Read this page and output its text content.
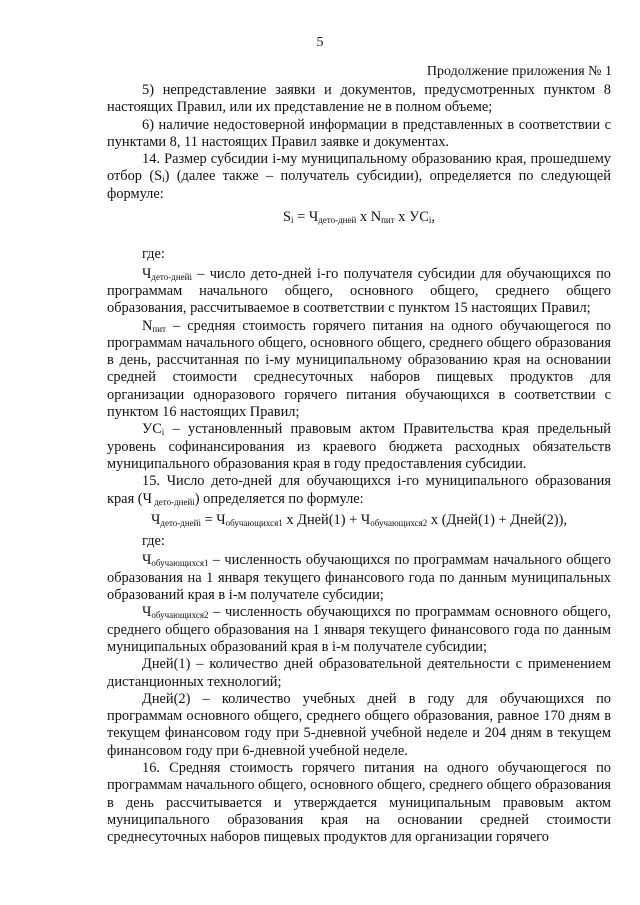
5
Продолжение приложения № 1

5) непредставление заявки и документов, предусмотренных пунктом 8 настоящих Правил, или их представление не в полном объеме;

6) наличие недостоверной информации в представленных в соответствии с пунктами 8, 11 настоящих Правил заявке и документах.

14. Размер субсидии i-му муниципальному образованию края, прошедшему отбор $(S_i)$ (далее также – получатель субсидии), определяется по следующей формуле:

$S_i = Ч_{дето-дней}$ х $N_{пит}$ х $УС_i$,

где:

$Ч_{дето-днейi}$ – число дето-дней i-го получателя субсидии для обучающихся по программам начального общего, основного общего, среднего общего образования, рассчитываемое в соответствии с пунктом 15 настоящих Правил;

$N_{пит}$ – средняя стоимость горячего питания на одного обучающегося по программам начального общего, основного общего, среднего общего образования в день, рассчитанная по i-му муниципальному образованию края на основании средней стоимости среднесуточных наборов пищевых продуктов для организации одноразового горячего питания обучающихся в соответствии с пунктом 16 настоящих Правил;

$УС_i$ – установленный правовым актом Правительства края предельный уровень софинансирования из краевого бюджета расходных обязательств муниципального образования края в году предоставления субсидии.

15. Число дето-дней для обучающихся i-го муниципального образования края (Ч $_{дето-днейi}$) определяется по формуле:

$Ч_{дето-днейi} = Ч_{обучающихся1}$ х Дней(1) + $Ч_{обучающихся2}$ х (Дней(1) + Дней(2)),

где:

$Ч_{обучающихся1}$ – численность обучающихся по программам начального общего образования на 1 января текущего финансового года по данным муниципальных образований края в i-м получателе субсидии;

$Ч_{обучающихся2}$ – численность обучающихся по программам основного общего, среднего общего образования на 1 января текущего финансового года по данным муниципальных образований края в i-м получателе субсидии;

Дней(1) – количество дней образовательной деятельности с применением дистанционных технологий;

Дней(2) – количество учебных дней в году для обучающихся по программам основного общего, среднего общего образования, равное 170 дням в текущем финансовом году при 5-дневной учебной неделе и 204 дням в текущем финансовом году при 6-дневной учебной неделе.

16. Средняя стоимость горячего питания на одного обучающегося по программам начального общего, основного общего, среднего общего образования в день рассчитывается и утверждается муниципальным правовым актом муниципального образования края на основании средней стоимости среднесуточных наборов пищевых продуктов для организации горячего
